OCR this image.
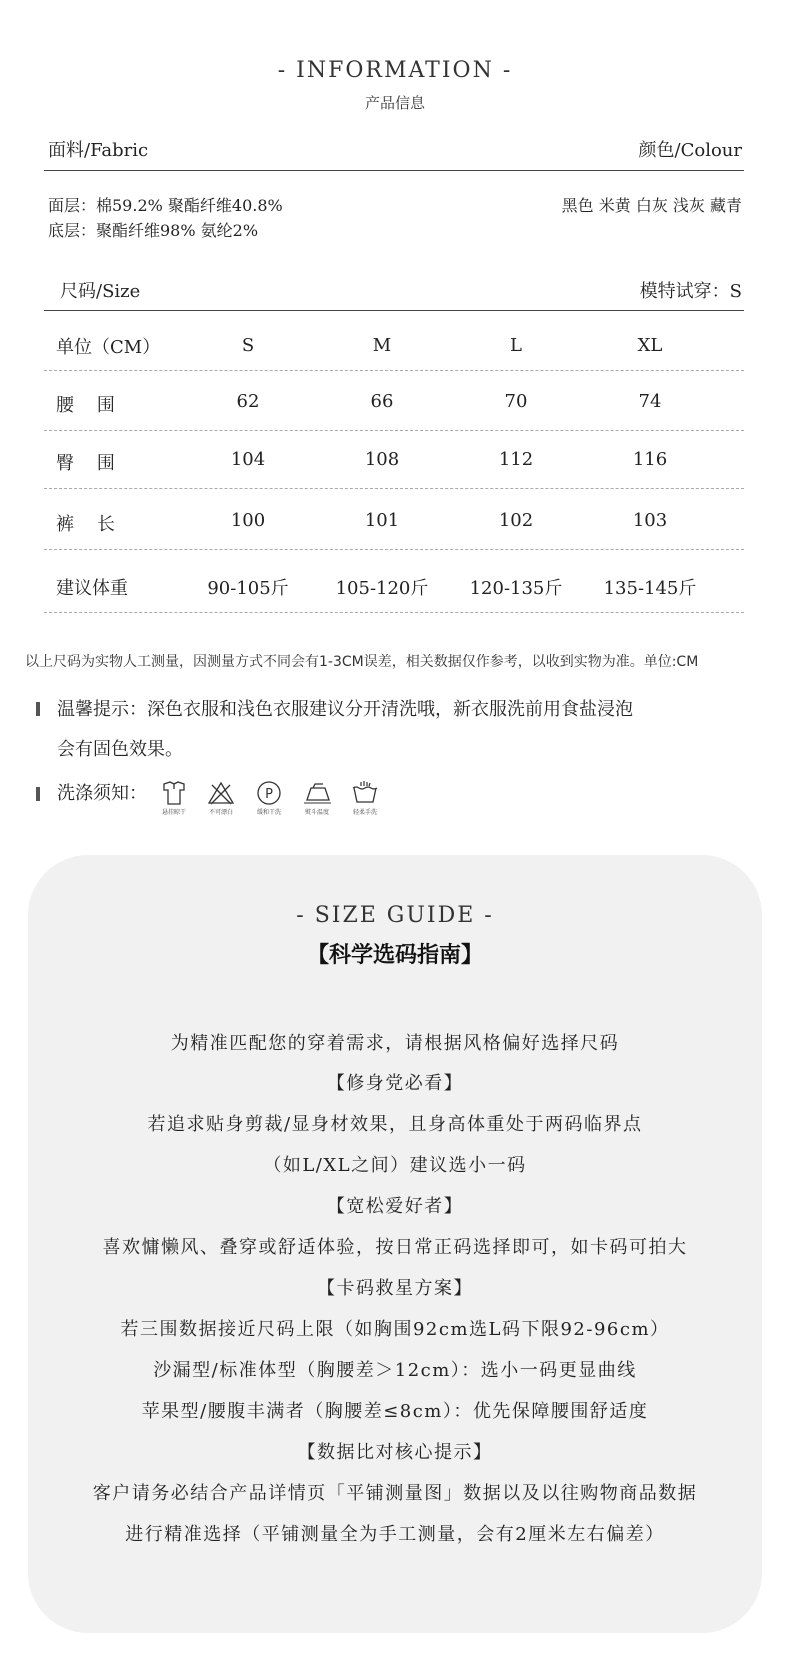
- INFORMATION -
产品信息
面料/Fabric	颜色/Colour
面层：棉59.2% 聚酯纤维40.8%
底层：聚酯纤维98% 氨纶2%
黑色 米黄 白灰 浅灰 藏青
尺码/Size	模特试穿：S
单位（CM）	S	M	L	XL
腰    围	62	66	70	74
臀    围	104	108	112	116
裤    长	100	101	102	103
建议体重	90-105斤	105-120斤	120-135斤	135-145斤
以上尺码为实物人工测量，因测量方式不同会有1-3CM误差，相关数据仅作参考，以收到实物为准。单位:CM
温馨提示：深色衣服和浅色衣服建议分开清洗哦，新衣服洗前用食盐浸泡
会有固色效果。
洗涤须知：
悬挂晾干	不可漂白
P
缓和干洗	熨斗温度	轻柔手洗
- SIZE GUIDE -
【科学选码指南】
为精准匹配您的穿着需求，请根据风格偏好选择尺码
【修身党必看】
若追求贴身剪裁/显身材效果，且身高体重处于两码临界点
（如L/XL之间）建议选小一码
【宽松爱好者】
喜欢慵懒风、叠穿或舒适体验，按日常正码选择即可，如卡码可拍大
【卡码救星方案】
若三围数据接近尺码上限（如胸围92cm选L码下限92-96cm）
沙漏型/标准体型（胸腰差＞12cm）：选小一码更显曲线
苹果型/腰腹丰满者（胸腰差≤8cm）：优先保障腰围舒适度
【数据比对核心提示】
客户请务必结合产品详情页「平铺测量图」数据以及以往购物商品数据
进行精准选择（平铺测量全为手工测量，会有2厘米左右偏差）
